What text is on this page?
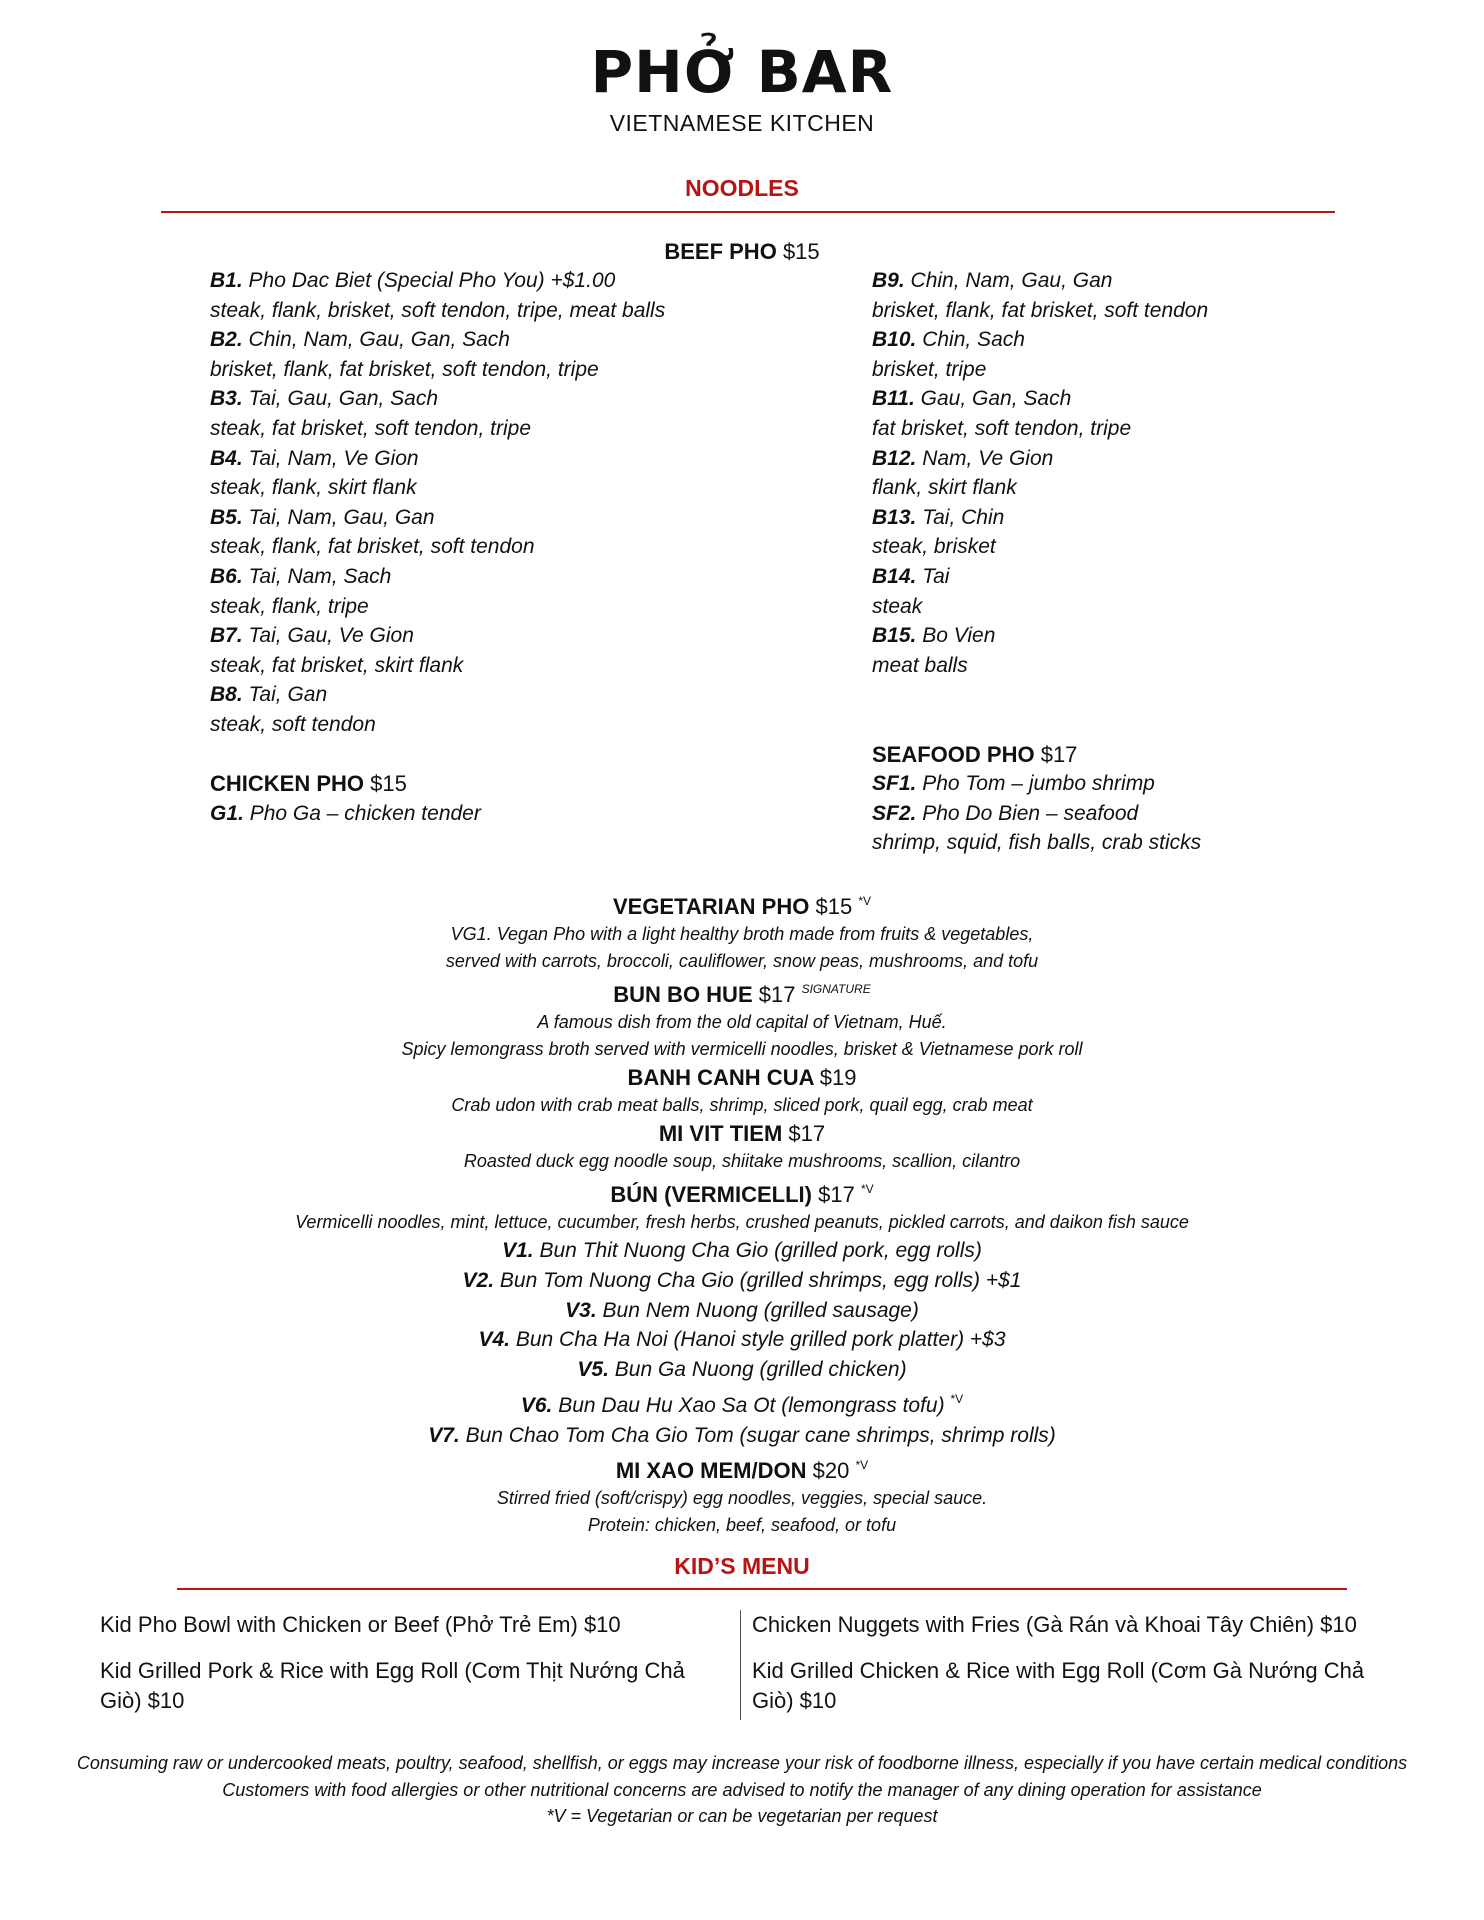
PHỞ BAR
VIETNAMESE KITCHEN
NOODLES
BEEF PHO $15
B1. Pho Dac Biet (Special Pho You) +$1.00
steak, flank, brisket, soft tendon, tripe, meat balls
B2. Chin, Nam, Gau, Gan, Sach
brisket, flank, fat brisket, soft tendon, tripe
B3. Tai, Gau, Gan, Sach
steak, fat brisket, soft tendon, tripe
B4. Tai, Nam, Ve Gion
steak, flank, skirt flank
B5. Tai, Nam, Gau, Gan
steak, flank, fat brisket, soft tendon
B6. Tai, Nam, Sach
steak, flank, tripe
B7. Tai, Gau, Ve Gion
steak, fat brisket, skirt flank
B8. Tai, Gan
steak, soft tendon
CHICKEN PHO $15
G1. Pho Ga – chicken tender
B9. Chin, Nam, Gau, Gan
brisket, flank, fat brisket, soft tendon
B10. Chin, Sach
brisket, tripe
B11. Gau, Gan, Sach
fat brisket, soft tendon, tripe
B12. Nam, Ve Gion
flank, skirt flank
B13. Tai, Chin
steak, brisket
B14. Tai
steak
B15. Bo Vien
meat balls
SEAFOOD PHO $17
SF1. Pho Tom – jumbo shrimp
SF2. Pho Do Bien – seafood
shrimp, squid, fish balls, crab sticks
VEGETARIAN PHO $15 $^{*V}$
VG1. Vegan Pho with a light healthy broth made from fruits & vegetables,
served with carrots, broccoli, cauliflower, snow peas, mushrooms, and tofu
BUN BO HUE $17 $^{SIGNATURE}$
A famous dish from the old capital of Vietnam, Huế.
Spicy lemongrass broth served with vermicelli noodles, brisket & Vietnamese pork roll
BANH CANH CUA $19
Crab udon with crab meat balls, shrimp, sliced pork, quail egg, crab meat
MI VIT TIEM $17
Roasted duck egg noodle soup, shiitake mushrooms, scallion, cilantro
BÚN (VERMICELLI) $17 $^{*V}$
Vermicelli noodles, mint, lettuce, cucumber, fresh herbs, crushed peanuts, pickled carrots, and daikon fish sauce
V1. Bun Thit Nuong Cha Gio (grilled pork, egg rolls)
V2. Bun Tom Nuong Cha Gio (grilled shrimps, egg rolls) +$1
V3. Bun Nem Nuong (grilled sausage)
V4. Bun Cha Ha Noi (Hanoi style grilled pork platter) +$3
V5. Bun Ga Nuong (grilled chicken)
V6. Bun Dau Hu Xao Sa Ot (lemongrass tofu) $^{*V}$
V7. Bun Chao Tom Cha Gio Tom (sugar cane shrimps, shrimp rolls)
MI XAO MEM/DON $20 $^{*V}$
Stirred fried (soft/crispy) egg noodles, veggies, special sauce.
Protein: chicken, beef, seafood, or tofu
KID’S MENU
Kid Pho Bowl with Chicken or Beef (Phở Trẻ Em) $10
Kid Grilled Pork & Rice with Egg Roll (Cơm Thịt Nướng Chả Giò) $10
Chicken Nuggets with Fries (Gà Rán và Khoai Tây Chiên) $10
Kid Grilled Chicken & Rice with Egg Roll (Cơm Gà Nướng Chả Giò) $10
Consuming raw or undercooked meats, poultry, seafood, shellfish, or eggs may increase your risk of foodborne illness, especially if you have certain medical conditions
Customers with food allergies or other nutritional concerns are advised to notify the manager of any dining operation for assistance
*V = Vegetarian or can be vegetarian per request
